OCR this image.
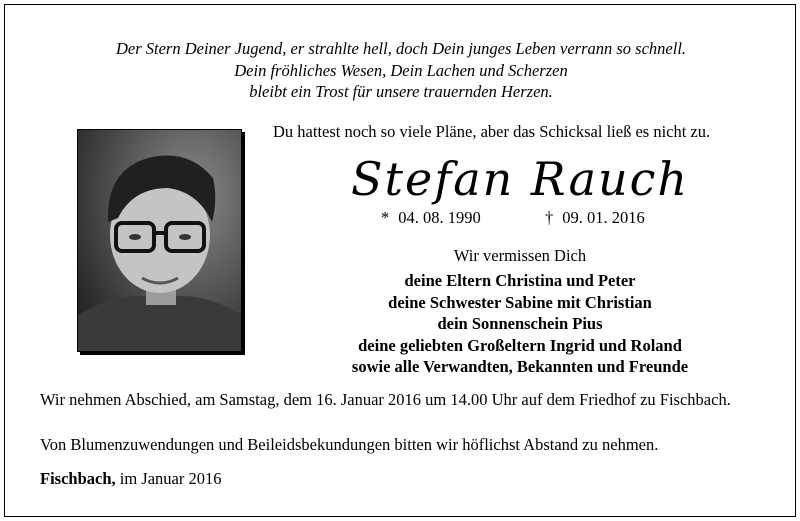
Der Stern Deiner Jugend, er strahlte hell, doch Dein junges Leben verrann so schnell.
Dein fröhliches Wesen, Dein Lachen und Scherzen
bleibt ein Trost für unsere trauernden Herzen.
Du hattest noch so viele Pläne, aber das Schicksal ließ es nicht zu.
Stefan Rauch
* 04. 08. 1990	† 09. 01. 2016
Wir vermissen Dich
deine Eltern Christina und Peter
deine Schwester Sabine mit Christian
dein Sonnenschein Pius
deine geliebten Großeltern Ingrid und Roland
sowie alle Verwandten, Bekannten und Freunde
Wir nehmen Abschied, am Samstag, dem 16. Januar 2016 um 14.00 Uhr auf dem Friedhof zu Fischbach.
Von Blumenzuwendungen und Beileidsbekundungen bitten wir höflichst Abstand zu nehmen.
Fischbach, im Januar 2016
